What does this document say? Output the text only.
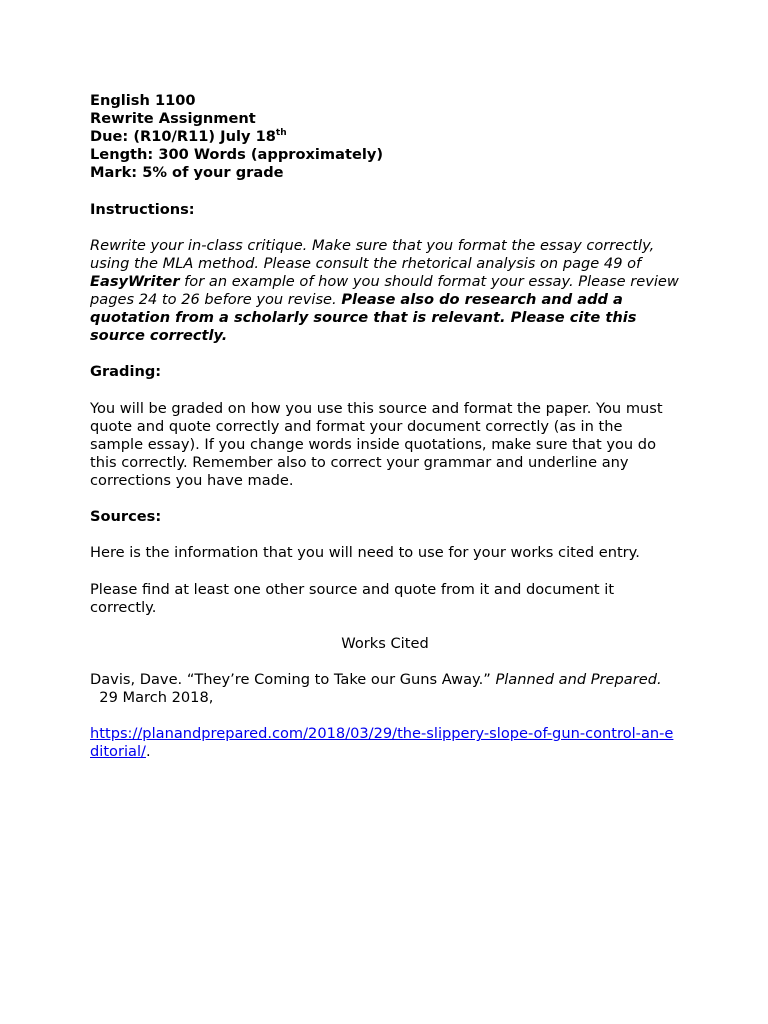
English 1100
Rewrite Assignment
Due: (R10/R11) July 18th
Length: 300 Words (approximately)
Mark: 5% of your grade
Instructions:
Rewrite your in-class critique. Make sure that you format the essay correctly, using the MLA method. Please consult the rhetorical analysis on page 49 of EasyWriter for an example of how you should format your essay. Please review pages 24 to 26 before you revise. Please also do research and add a quotation from a scholarly source that is relevant. Please cite this source correctly.
Grading:
You will be graded on how you use this source and format the paper. You must quote and quote correctly and format your document correctly (as in the sample essay). If you change words inside quotations, make sure that you do this correctly. Remember also to correct your grammar and underline any corrections you have made.
Sources:
Here is the information that you will need to use for your works cited entry.
Please find at least one other source and quote from it and document it correctly.
Works Cited
Davis, Dave. “They’re Coming to Take our Guns Away.” Planned and Prepared.  29 March 2018,
https://planandprepared.com/2018/03/29/the-slippery-slope-of-gun-control-an-editorial/.
